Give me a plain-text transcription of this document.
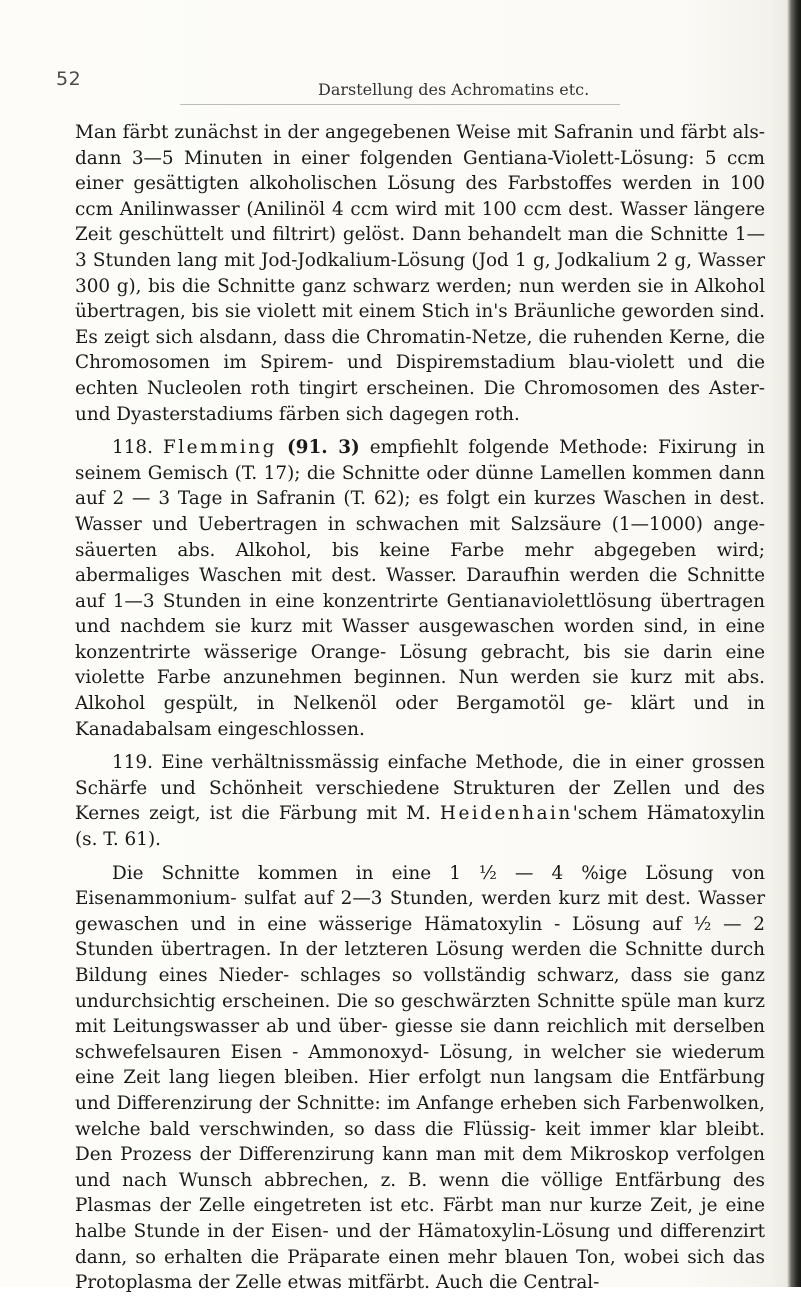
52	Darstellung des Achromatins etc.

Man färbt zunächst in der angegebenen Weise mit Safranin und färbt als- dann 3—5 Minuten in einer folgenden Gentiana-Violett-Lösung: 5 ccm einer gesättigten alkoholischen Lösung des Farbstoffes werden in 100 ccm Anilinwasser (Anilinöl 4 ccm wird mit 100 ccm dest. Wasser längere Zeit geschüttelt und filtrirt) gelöst. Dann behandelt man die Schnitte 1—3 Stunden lang mit Jod-Jodkalium-Lösung (Jod 1 g, Jodkalium 2 g, Wasser 300 g), bis die Schnitte ganz schwarz werden; nun werden sie in Alkohol übertragen, bis sie violett mit einem Stich in's Bräunliche geworden sind. Es zeigt sich alsdann, dass die Chromatin-Netze, die ruhenden Kerne, die Chromosomen im Spirem- und Dispiremstadium blau-violett und die echten Nucleolen roth tingirt erscheinen. Die Chromosomen des Aster- und Dyasterstadiums färben sich dagegen roth.

118. Flemming (91. 3) empfiehlt folgende Methode: Fixirung in seinem Gemisch (T. 17); die Schnitte oder dünne Lamellen kommen dann auf 2 — 3 Tage in Safranin (T. 62); es folgt ein kurzes Waschen in dest. Wasser und Uebertragen in schwachen mit Salzsäure (1—1000) ange- säuerten abs. Alkohol, bis keine Farbe mehr abgegeben wird; abermaliges Waschen mit dest. Wasser. Daraufhin werden die Schnitte auf 1—3 Stunden in eine konzentrirte Gentianaviolettlösung übertragen und nachdem sie kurz mit Wasser ausgewaschen worden sind, in eine konzentrirte wässerige Orange- Lösung gebracht, bis sie darin eine violette Farbe anzunehmen beginnen. Nun werden sie kurz mit abs. Alkohol gespült, in Nelkenöl oder Bergamotöl ge- klärt und in Kanadabalsam eingeschlossen.

119. Eine verhältnissmässig einfache Methode, die in einer grossen Schärfe und Schönheit verschiedene Strukturen der Zellen und des Kernes zeigt, ist die Färbung mit M. Heidenhain'schem Hämatoxylin (s. T. 61).

Die Schnitte kommen in eine 1 ½ — 4 %ige Lösung von Eisenammonium- sulfat auf 2—3 Stunden, werden kurz mit dest. Wasser gewaschen und in eine wässerige Hämatoxylin - Lösung auf ½ — 2 Stunden übertragen. In der letzteren Lösung werden die Schnitte durch Bildung eines Nieder- schlages so vollständig schwarz, dass sie ganz undurchsichtig erscheinen. Die so geschwärzten Schnitte spüle man kurz mit Leitungswasser ab und über- giesse sie dann reichlich mit derselben schwefelsauren Eisen - Ammonoxyd- Lösung, in welcher sie wiederum eine Zeit lang liegen bleiben. Hier erfolgt nun langsam die Entfärbung und Differenzirung der Schnitte: im Anfange erheben sich Farbenwolken, welche bald verschwinden, so dass die Flüssig- keit immer klar bleibt. Den Prozess der Differenzirung kann man mit dem Mikroskop verfolgen und nach Wunsch abbrechen, z. B. wenn die völlige Entfärbung des Plasmas der Zelle eingetreten ist etc. Färbt man nur kurze Zeit, je eine halbe Stunde in der Eisen- und der Hämatoxylin-Lösung und differenzirt dann, so erhalten die Präparate einen mehr blauen Ton, wobei sich das Protoplasma der Zelle etwas mitfärbt. Auch die Central-
